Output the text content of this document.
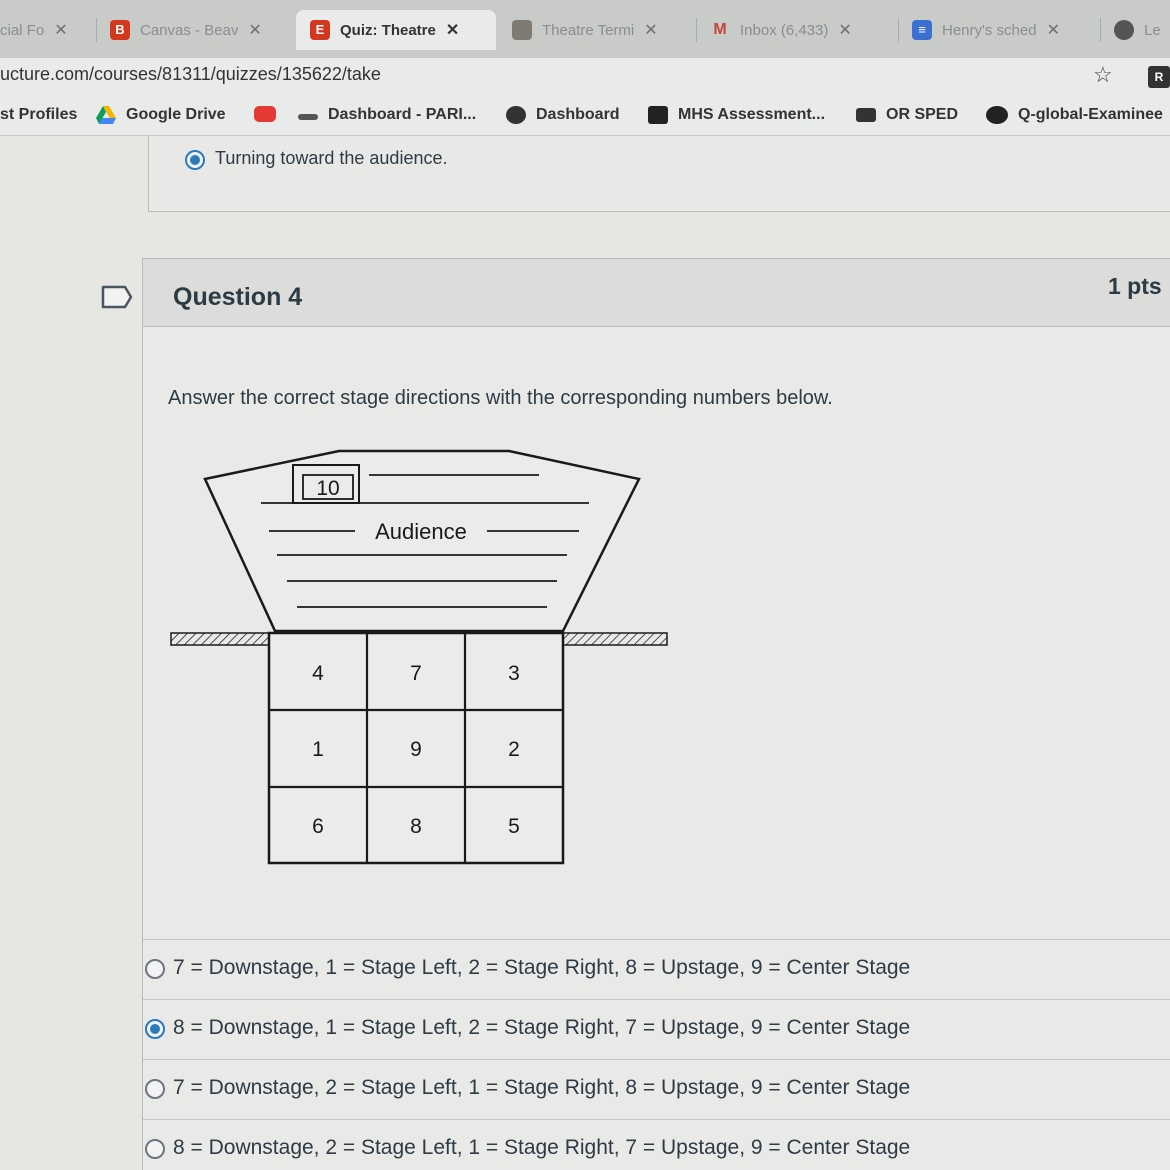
cial Fo ✕	B	Canvas - Beav ✕	E	Quiz: Theatre ✕	Theatre Termi ✕	M Inbox (6,433) ✕	≡	Henry's sched ✕	Le
ucture.com/courses/81311/quizzes/135622/take	☆	R
st Profiles	Google Drive	Dashboard - PARI...	Dashboard	MHS Assessment...	OR SPED	Q-global-Examinee
Turning toward the audience.
Question 4	1 pts
Answer the correct stage directions with the corresponding numbers below.
10
Audience
4	7	3
1	9	2
6	8	5
7 = Downstage, 1 = Stage Left, 2 = Stage Right, 8 = Upstage, 9 = Center Stage
8 = Downstage, 1 = Stage Left, 2 = Stage Right, 7 = Upstage, 9 = Center Stage
7 = Downstage, 2 = Stage Left, 1 = Stage Right, 8 = Upstage, 9 = Center Stage
8 = Downstage, 2 = Stage Left, 1 = Stage Right, 7 = Upstage, 9 = Center Stage
